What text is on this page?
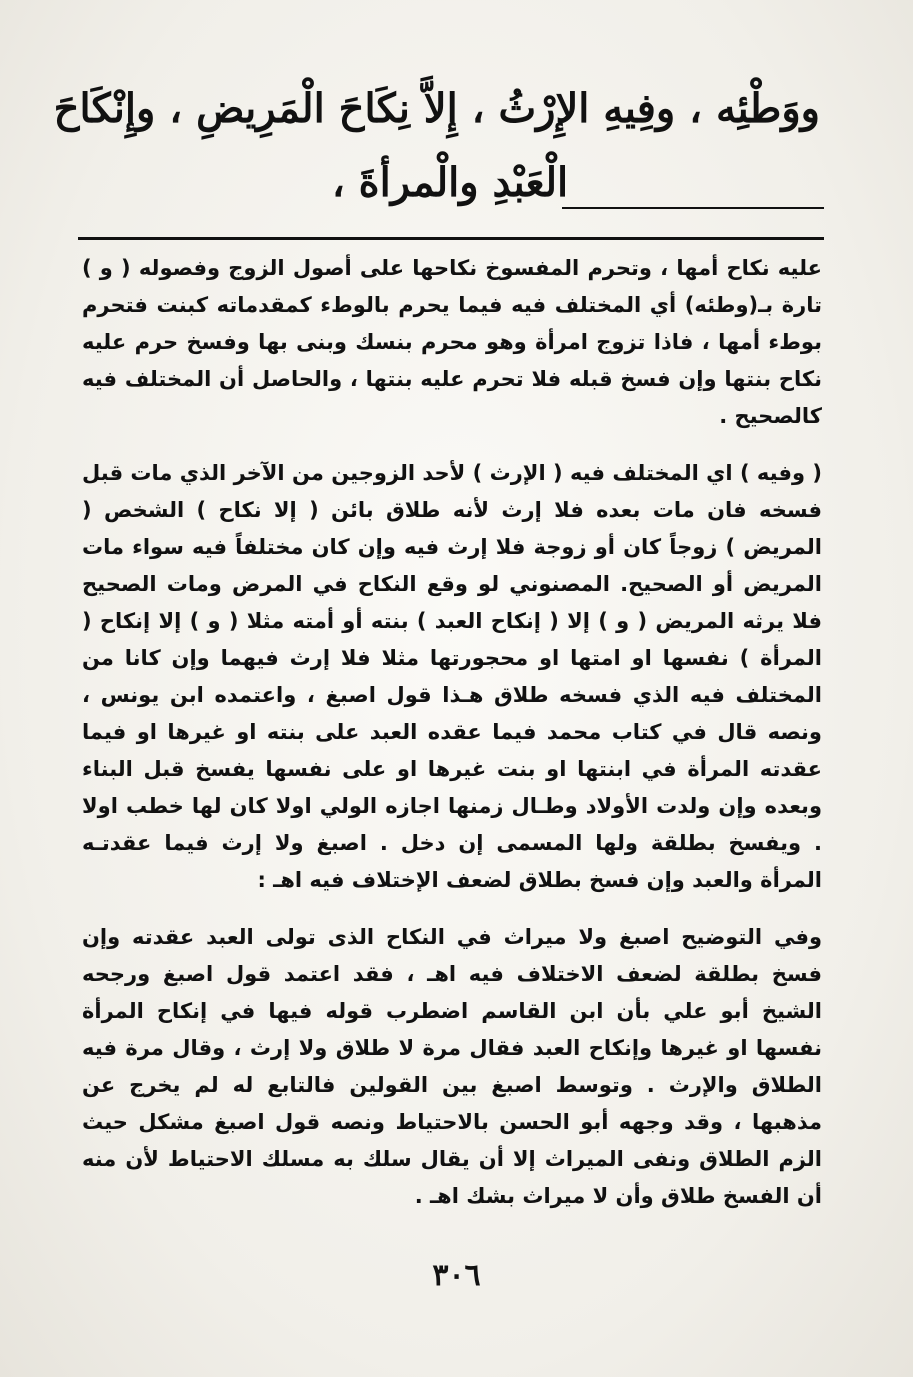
ووَطْئِه ، وفِيهِ الإِرْثُ ، إِلاَّ نِكَاحَ الْمَرِيضِ ، وإِنْكَاحَ
الْعَبْدِ والْمرأةَ ،

عليه نكاح أمها ، وتحرم المفسوخ نكاحها على أصول الزوج وفصوله ( و ) تارة بـ(وطئه) أي المختلف فيه فيما يحرم بالوطء كمقدماته كبنت فتحرم بوطء أمها ، فاذا تزوج امرأة وهو محرم بنسك وبنى بها وفسخ حرم عليه نكاح بنتها وإن فسخ قبله فلا تحرم عليه بنتها ، والحاصل أن المختلف فيه كالصحيح .

( وفيه ) اي المختلف فيه ( الإرث ) لأحد الزوجين من الآخر الذي مات قبل فسخه فان مات بعده فلا إرث لأنه طلاق بائن ( إلا نكاح ) الشخص ( المريض ) زوجاً كان أو زوجة فلا إرث فيه وإن كان مختلفاً فيه سواء مات المريض أو الصحيح. المصنوني لو وقع النكاح في المرض ومات الصحيح فلا يرثه المريض ( و ) إلا ( إنكاح العبد ) بنته أو أمته مثلا ( و ) إلا إنكاح ( المرأة ) نفسها او امتها او محجورتها مثلا فلا إرث فيهما وإن كانا من المختلف فيه الذي فسخه طلاق هـذا قول اصبغ ، واعتمده ابن يونس ، ونصه قال في كتاب محمد فيما عقده العبد على بنته او غيرها او فيما عقدته المرأة في ابنتها او بنت غيرها او على نفسها يفسخ قبل البناء وبعده وإن ولدت الأولاد وطـال زمنها اجازه الولي اولا كان لها خطب اولا . ويفسخ بطلقة ولها المسمى إن دخل . اصبغ ولا إرث فيما عقدتـه المرأة والعبد وإن فسخ بطلاق لضعف الإختلاف فيه اهـ :

وفي التوضيح اصبغ ولا ميراث في النكاح الذى تولى العبد عقدته وإن فسخ بطلقة لضعف الاختلاف فيه اهـ ، فقد اعتمد قول اصبغ ورجحه الشيخ أبو علي بأن ابن القاسم اضطرب قوله فيها في إنكاح المرأة نفسها او غيرها وإنكاح العبد فقال مرة لا طلاق ولا إرث ، وقال مرة فيه الطلاق والإرث . وتوسط اصبغ بين القولين فالتابع له لم يخرج عن مذهبها ، وقد وجهه أبو الحسن بالاحتياط ونصه قول اصبغ مشكل حيث الزم الطلاق ونفى الميراث إلا أن يقال سلك به مسلك الاحتياط لأن منه أن الفسخ طلاق وأن لا ميراث بشك اهـ .

٣٠٦
